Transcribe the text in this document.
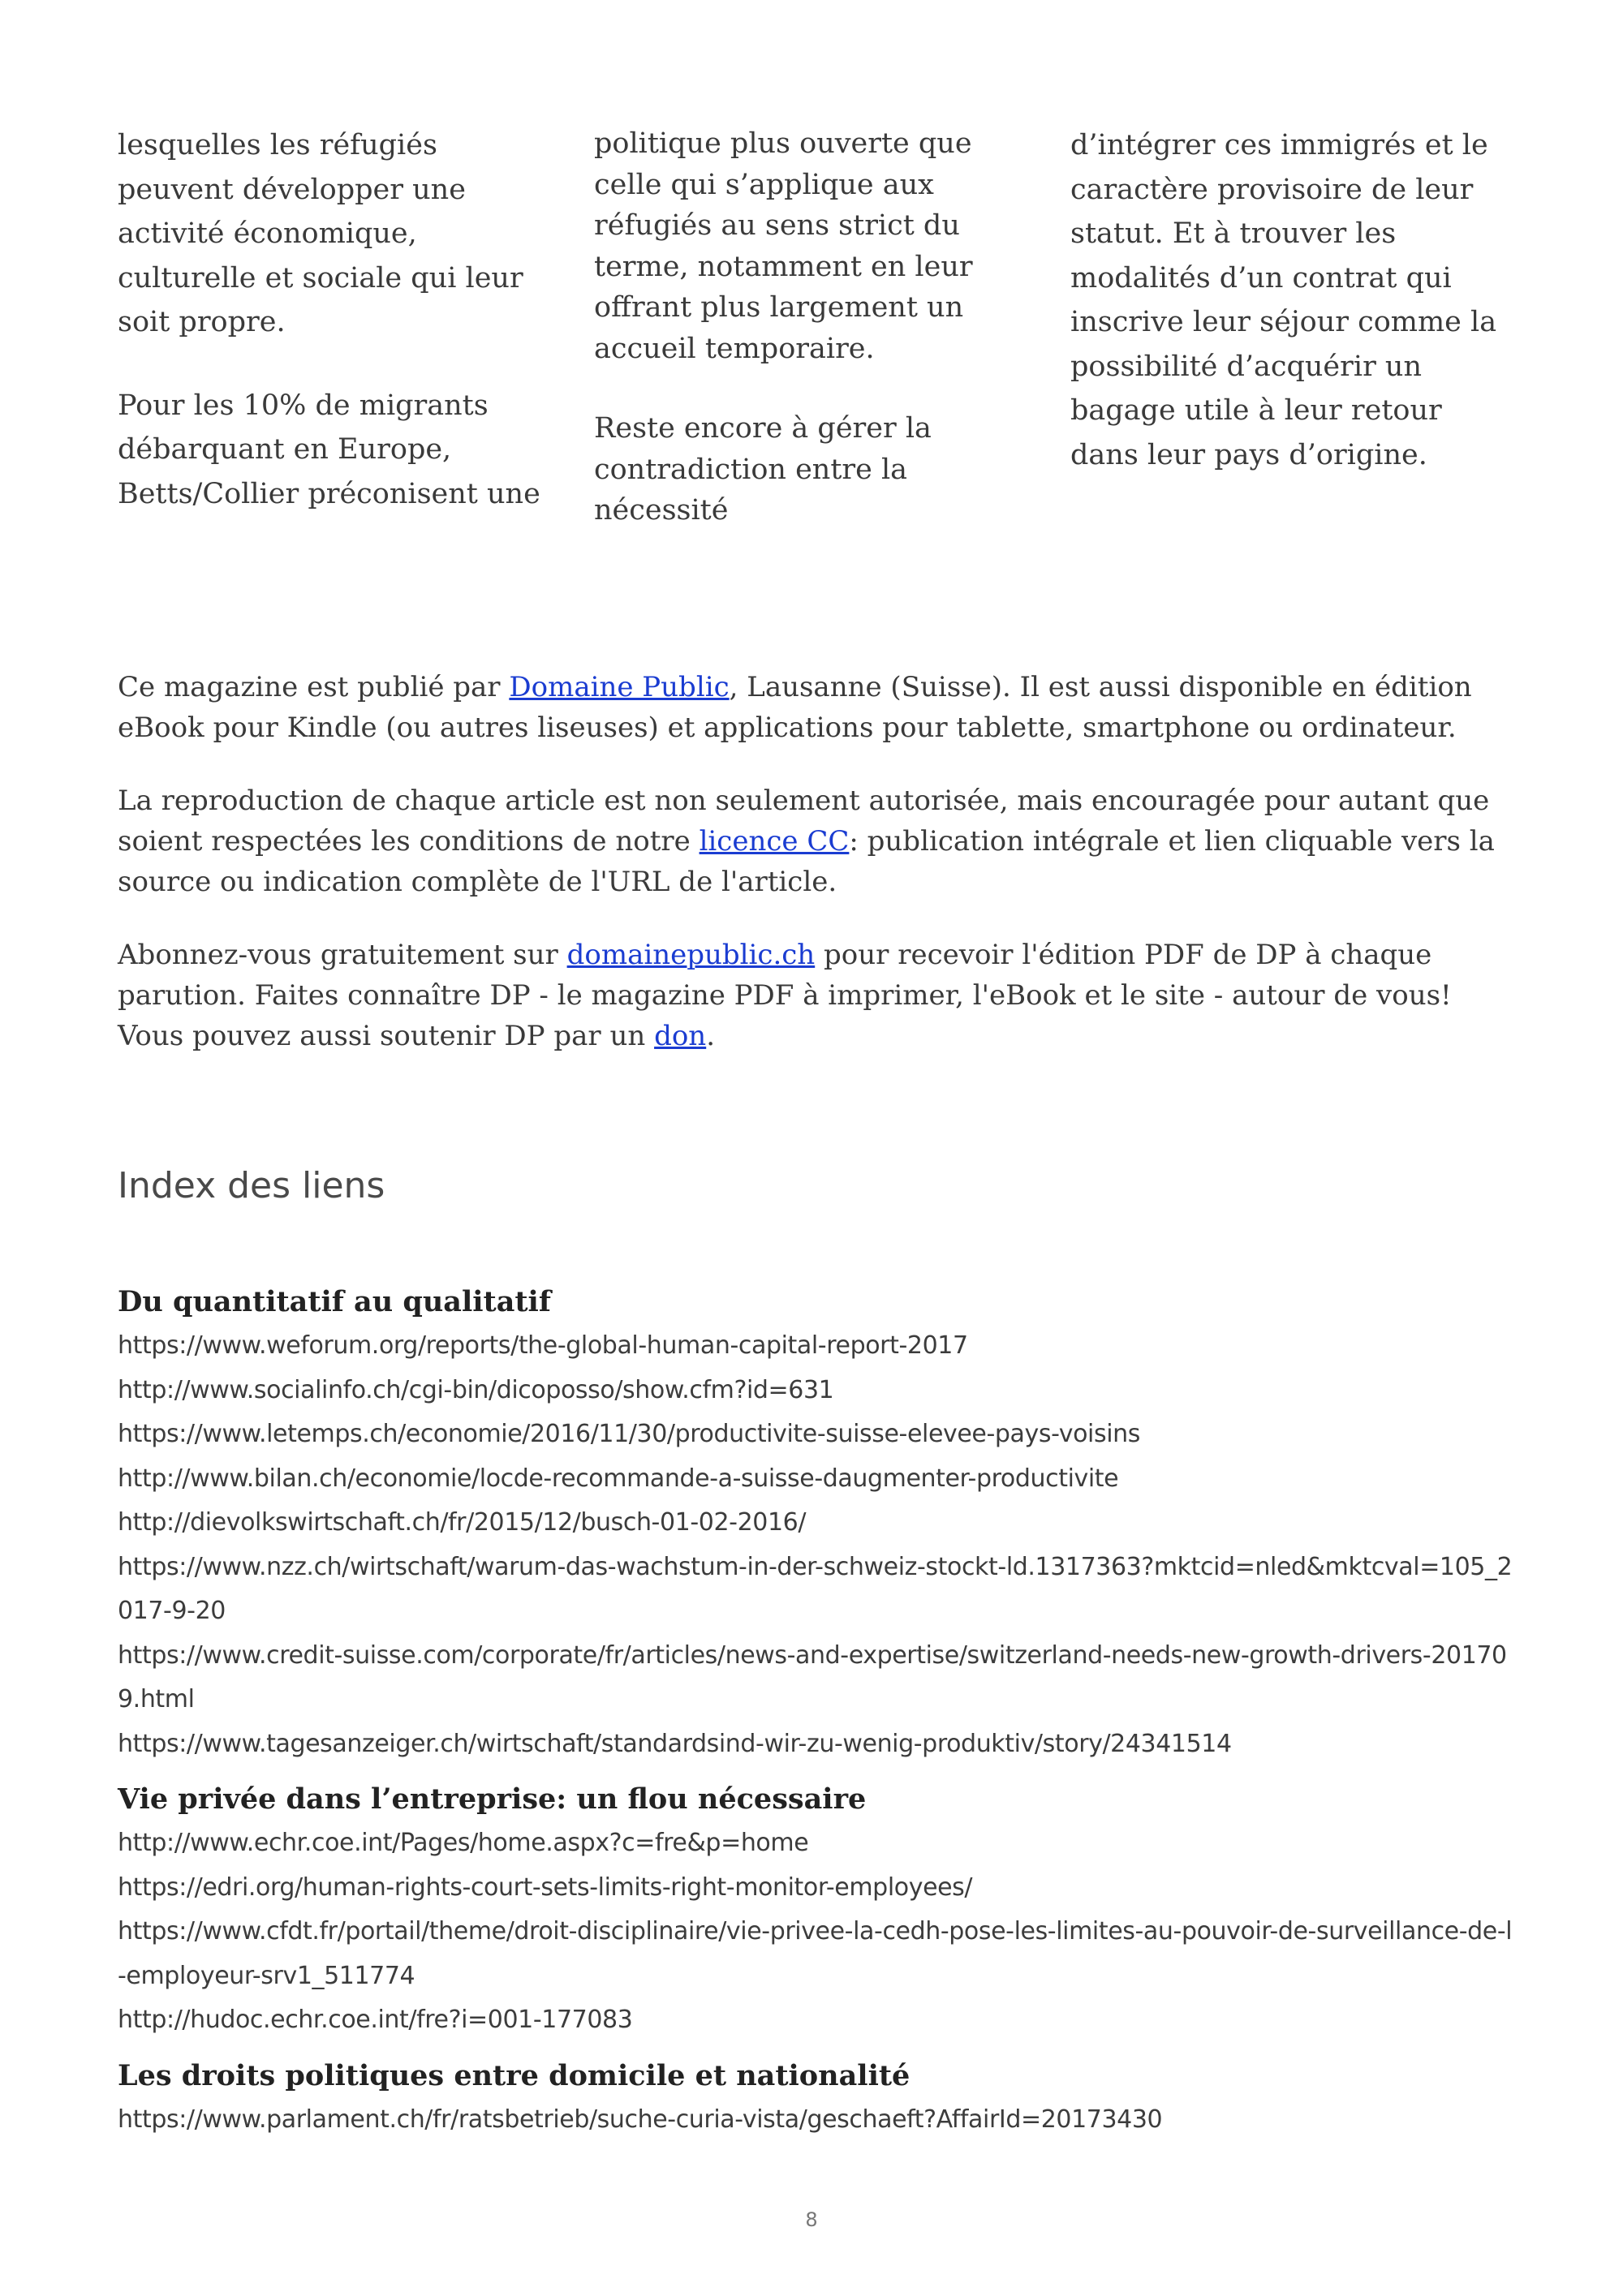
lesquelles les réfugiés peuvent développer une activité économique, culturelle et sociale qui leur soit propre.

Pour les 10% de migrants débarquant en Europe, Betts/Collier préconisent une

politique plus ouverte que celle qui s’applique aux réfugiés au sens strict du terme, notamment en leur offrant plus largement un accueil temporaire.

Reste encore à gérer la contradiction entre la nécessité

d’intégrer ces immigrés et le caractère provisoire de leur statut. Et à trouver les modalités d’un contrat qui inscrive leur séjour comme la possibilité d’acquérir un bagage utile à leur retour dans leur pays d’origine.

Ce magazine est publié par Domaine Public, Lausanne (Suisse). Il est aussi disponible en édition eBook pour Kindle (ou autres liseuses) et applications pour tablette, smartphone ou ordinateur.

La reproduction de chaque article est non seulement autorisée, mais encouragée pour autant que soient respectées les conditions de notre licence CC: publication intégrale et lien cliquable vers la source ou indication complète de l'URL de l'article.

Abonnez-vous gratuitement sur domainepublic.ch pour recevoir l'édition PDF de DP à chaque parution. Faites connaître DP - le magazine PDF à imprimer, l'eBook et le site - autour de vous! Vous pouvez aussi soutenir DP par un don.

Index des liens
Du quantitatif au qualitatif
https://www.weforum.org/reports/the-global-human-capital-report-2017
http://www.socialinfo.ch/cgi-bin/dicoposso/show.cfm?id=631
https://www.letemps.ch/economie/2016/11/30/productivite-suisse-elevee-pays-voisins
http://www.bilan.ch/economie/locde-recommande-a-suisse-daugmenter-productivite
http://dievolkswirtschaft.ch/fr/2015/12/busch-01-02-2016/
https://www.nzz.ch/wirtschaft/warum-das-wachstum-in-der-schweiz-stockt-ld.1317363?mktcid=nled&mktcval=105_2017-9-20
https://www.credit-suisse.com/corporate/fr/articles/news-and-expertise/switzerland-needs-new-growth-drivers-201709.html
https://www.tagesanzeiger.ch/wirtschaft/standardsind-wir-zu-wenig-produktiv/story/24341514
Vie privée dans l’entreprise: un flou nécessaire
http://www.echr.coe.int/Pages/home.aspx?c=fre&p=home
https://edri.org/human-rights-court-sets-limits-right-monitor-employees/
https://www.cfdt.fr/portail/theme/droit-disciplinaire/vie-privee-la-cedh-pose-les-limites-au-pouvoir-de-surveillance-de-l-employeur-srv1_511774
http://hudoc.echr.coe.int/fre?i=001-177083
Les droits politiques entre domicile et nationalité
https://www.parlament.ch/fr/ratsbetrieb/suche-curia-vista/geschaeft?AffairId=20173430
8
